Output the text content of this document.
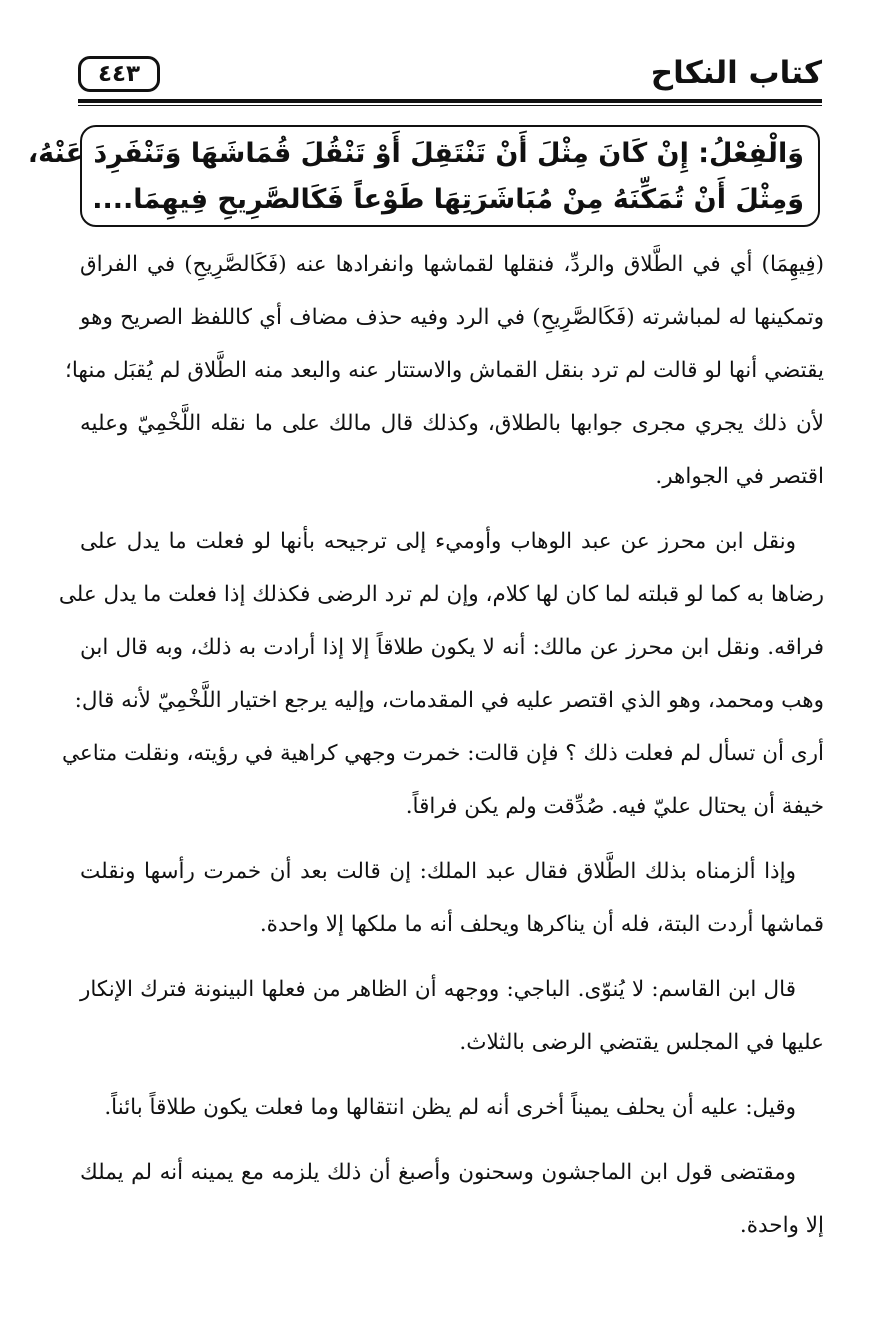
كتاب النكاح
٤٤٣
وَالْفِعْلُ: إِنْ كَانَ مِثْلَ أَنْ تَنْتَقِلَ أَوْ تَنْقُلَ قُمَاشَهَا وَتَنْفَرِدَ عَنْهُ،
وَمِثْلَ أَنْ تُمَكِّنَهُ مِنْ مُبَاشَرَتِهَا طَوْعاً فَكَالصَّرِيحِ فِيهِمَا....

(فِيهِمَا) أي في الطَّلاق والردِّ، فنقلها لقماشها وانفرادها عنه (فَكَالصَّرِيحِ) في الفراق
وتمكينها له لمباشرته (فَكَالصَّرِيحِ) في الرد وفيه حذف مضاف أي كاللفظ الصريح وهو
يقتضي أنها لو قالت لم ترد بنقل القماش والاستتار عنه والبعد منه الطَّلاق لم يُقبَل منها؛
لأن ذلك يجري مجرى جوابها بالطلاق، وكذلك قال مالك على ما نقله اللَّخْمِيّ وعليه
اقتصر في الجواهر.

ونقل ابن محرز عن عبد الوهاب وأوميء إلى ترجيحه بأنها لو فعلت ما يدل على
رضاها به كما لو قبلته لما كان لها كلام، وإن لم ترد الرضى فكذلك إذا فعلت ما يدل على
فراقه. ونقل ابن محرز عن مالك: أنه لا يكون طلاقاً إلا إذا أرادت به ذلك، وبه قال ابن
وهب ومحمد، وهو الذي اقتصر عليه في المقدمات، وإليه يرجع اختيار اللَّخْمِيّ لأنه قال:
أرى أن تسأل لم فعلت ذلك ؟ فإن قالت: خمرت وجهي كراهية في رؤيته، ونقلت متاعي
خيفة أن يحتال عليّ فيه. صُدِّقت ولم يكن فراقاً.

وإذا ألزمناه بذلك الطَّلاق فقال عبد الملك: إن قالت بعد أن خمرت رأسها ونقلت
قماشها أردت البتة، فله أن يناكرها ويحلف أنه ما ملكها إلا واحدة.

قال ابن القاسم: لا يُنوّى. الباجي: ووجهه أن الظاهر من فعلها البينونة فترك الإنكار
عليها في المجلس يقتضي الرضى بالثلاث.

وقيل: عليه أن يحلف يميناً أخرى أنه لم يظن انتقالها وما فعلت يكون طلاقاً بائناً.

ومقتضى قول ابن الماجشون وسحنون وأصبغ أن ذلك يلزمه مع يمينه أنه لم يملك
إلا واحدة.
